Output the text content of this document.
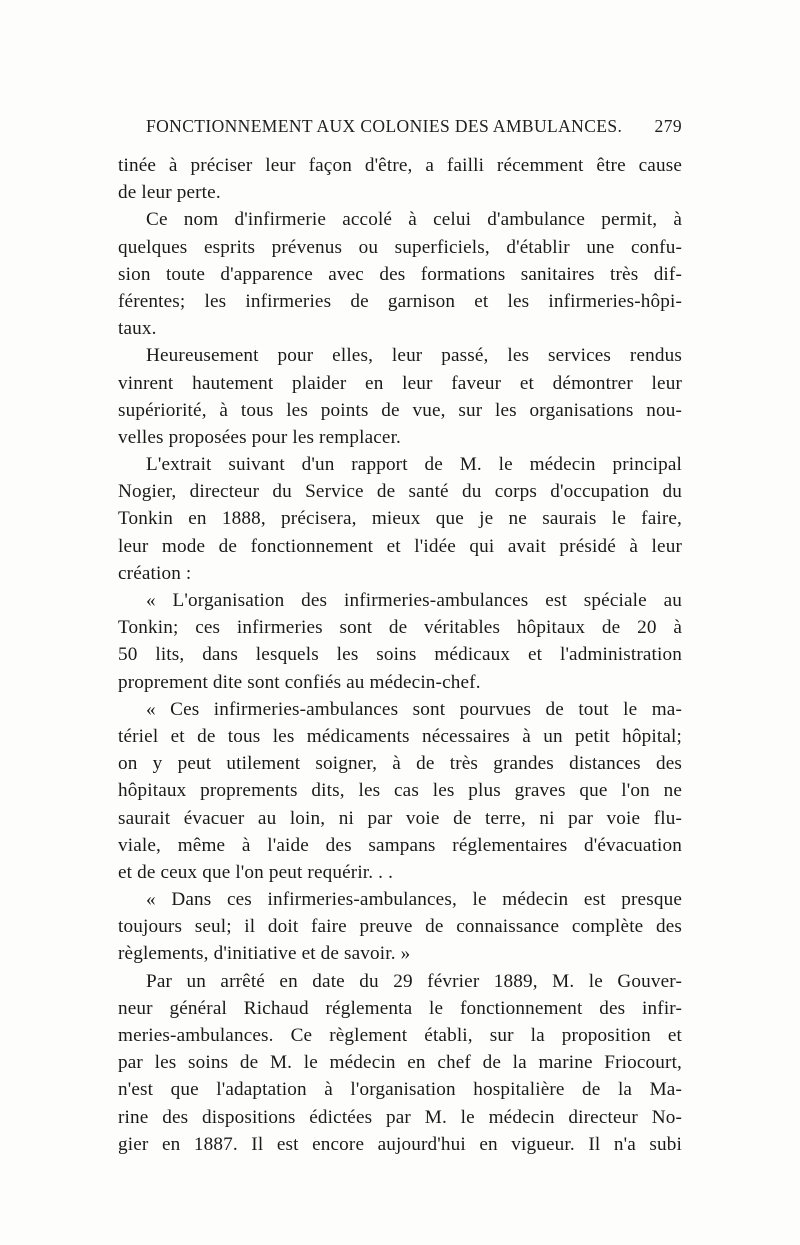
FONCTIONNEMENT AUX COLONIES DES AMBULANCES. 279
tinée à préciser leur façon d'être, a failli récemment être cause
de leur perte.
Ce nom d'infirmerie accolé à celui d'ambulance permit, à
quelques esprits prévenus ou superficiels, d'établir une confu-
sion toute d'apparence avec des formations sanitaires très dif-
férentes; les infirmeries de garnison et les infirmeries-hôpi-
taux.
Heureusement pour elles, leur passé, les services rendus
vinrent hautement plaider en leur faveur et démontrer leur
supériorité, à tous les points de vue, sur les organisations nou-
velles proposées pour les remplacer.
L'extrait suivant d'un rapport de M. le médecin principal
Nogier, directeur du Service de santé du corps d'occupation du
Tonkin en 1888, précisera, mieux que je ne saurais le faire,
leur mode de fonctionnement et l'idée qui avait présidé à leur
création :
« L'organisation des infirmeries-ambulances est spéciale au
Tonkin; ces infirmeries sont de véritables hôpitaux de 20 à
50 lits, dans lesquels les soins médicaux et l'administration
proprement dite sont confiés au médecin-chef.
« Ces infirmeries-ambulances sont pourvues de tout le ma-
tériel et de tous les médicaments nécessaires à un petit hôpital;
on y peut utilement soigner, à de très grandes distances des
hôpitaux proprements dits, les cas les plus graves que l'on ne
saurait évacuer au loin, ni par voie de terre, ni par voie flu-
viale, même à l'aide des sampans réglementaires d'évacuation
et de ceux que l'on peut requérir. . .
« Dans ces infirmeries-ambulances, le médecin est presque
toujours seul; il doit faire preuve de connaissance complète des
règlements, d'initiative et de savoir. »
Par un arrêté en date du 29 février 1889, M. le Gouver-
neur général Richaud réglementa le fonctionnement des infir-
meries-ambulances. Ce règlement établi, sur la proposition et
par les soins de M. le médecin en chef de la marine Friocourt,
n'est que l'adaptation à l'organisation hospitalière de la Ma-
rine des dispositions édictées par M. le médecin directeur No-
gier en 1887. Il est encore aujourd'hui en vigueur. Il n'a subi
